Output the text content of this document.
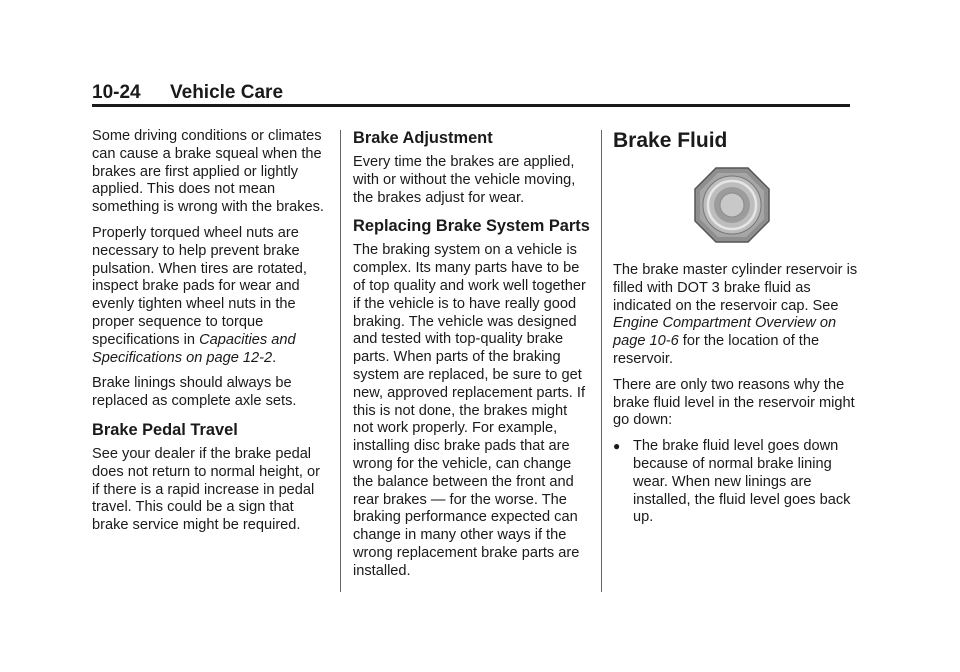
10-24 Vehicle Care

Some driving conditions or climates can cause a brake squeal when the brakes are first applied or lightly applied. This does not mean something is wrong with the brakes.

Properly torqued wheel nuts are necessary to help prevent brake pulsation. When tires are rotated, inspect brake pads for wear and evenly tighten wheel nuts in the proper sequence to torque specifications in Capacities and Specifications on page 12-2.

Brake linings should always be replaced as complete axle sets.

Brake Pedal Travel

See your dealer if the brake pedal does not return to normal height, or if there is a rapid increase in pedal travel. This could be a sign that brake service might be required.

Brake Adjustment

Every time the brakes are applied, with or without the vehicle moving, the brakes adjust for wear.

Replacing Brake System Parts

The braking system on a vehicle is complex. Its many parts have to be of top quality and work well together if the vehicle is to have really good braking. The vehicle was designed and tested with top-quality brake parts. When parts of the braking system are replaced, be sure to get new, approved replacement parts. If this is not done, the brakes might not work properly. For example, installing disc brake pads that are wrong for the vehicle, can change the balance between the front and rear brakes — for the worse. The braking performance expected can change in many other ways if the wrong replacement brake parts are installed.

Brake Fluid

The brake master cylinder reservoir is filled with DOT 3 brake fluid as indicated on the reservoir cap. See Engine Compartment Overview on page 10-6 for the location of the reservoir.

There are only two reasons why the brake fluid level in the reservoir might go down:

● The brake fluid level goes down because of normal brake lining wear. When new linings are installed, the fluid level goes back up.
